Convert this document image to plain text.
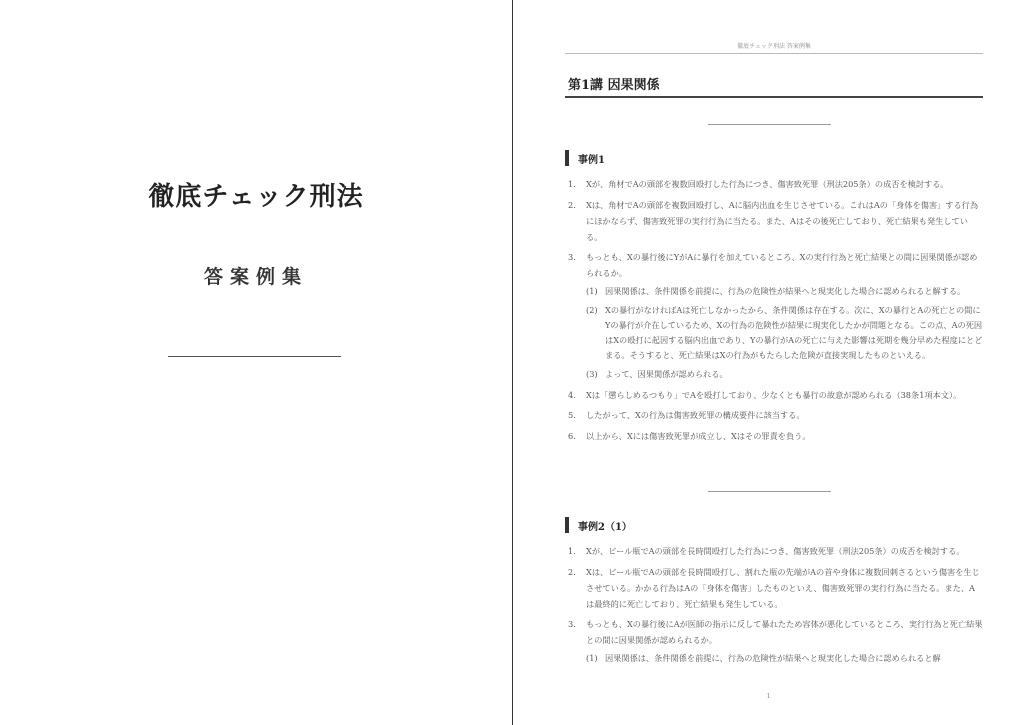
徹底チェック刑法
答案例集
徹底チェック刑法 答案例集
第1講 因果関係
事例1
1. Xが、角材でAの頭部を複数回殴打した行為につき、傷害致死罪（刑法205条）の成否を検討する。
2. Xは、角材でAの頭部を複数回殴打し、Aに脳内出血を生じさせている。これはAの「身体を傷害」する行為にほかならず、傷害致死罪の実行行為に当たる。また、Aはその後死亡しており、死亡結果も発生している。
3. もっとも、Xの暴行後にYがAに暴行を加えているところ、Xの実行行為と死亡結果との間に因果関係が認められるか。
(1) 因果関係は、条件関係を前提に、行為の危険性が結果へと現実化した場合に認められると解する。
(2) Xの暴行がなければAは死亡しなかったから、条件関係は存在する。次に、Xの暴行とAの死亡との間にYの暴行が介在しているため、Xの行為の危険性が結果に現実化したかが問題となる。この点、Aの死因はXの殴打に起因する脳内出血であり、Yの暴行がAの死亡に与えた影響は死期を幾分早めた程度にとどまる。そうすると、死亡結果はXの行為がもたらした危険が直接実現したものといえる。
(3) よって、因果関係が認められる。
4. Xは「懲らしめるつもり」でAを殴打しており、少なくとも暴行の故意が認められる（38条1項本文）。
5. したがって、Xの行為は傷害致死罪の構成要件に該当する。
6. 以上から、Xには傷害致死罪が成立し、Xはその罪責を負う。
事例2（1）
1. Xが、ビール瓶でAの頭部を長時間殴打した行為につき、傷害致死罪（刑法205条）の成否を検討する。
2. Xは、ビール瓶でAの頭部を長時間殴打し、割れた瓶の先端がAの首や身体に複数回刺さるという傷害を生じさせている。かかる行為はAの「身体を傷害」したものといえ、傷害致死罪の実行行為に当たる。また、Aは最終的に死亡しており、死亡結果も発生している。
3. もっとも、Xの暴行後にAが医師の指示に反して暴れたため容体が悪化しているところ、実行行為と死亡結果との間に因果関係が認められるか。
(1) 因果関係は、条件関係を前提に、行為の危険性が結果へと現実化した場合に認められると解
1
